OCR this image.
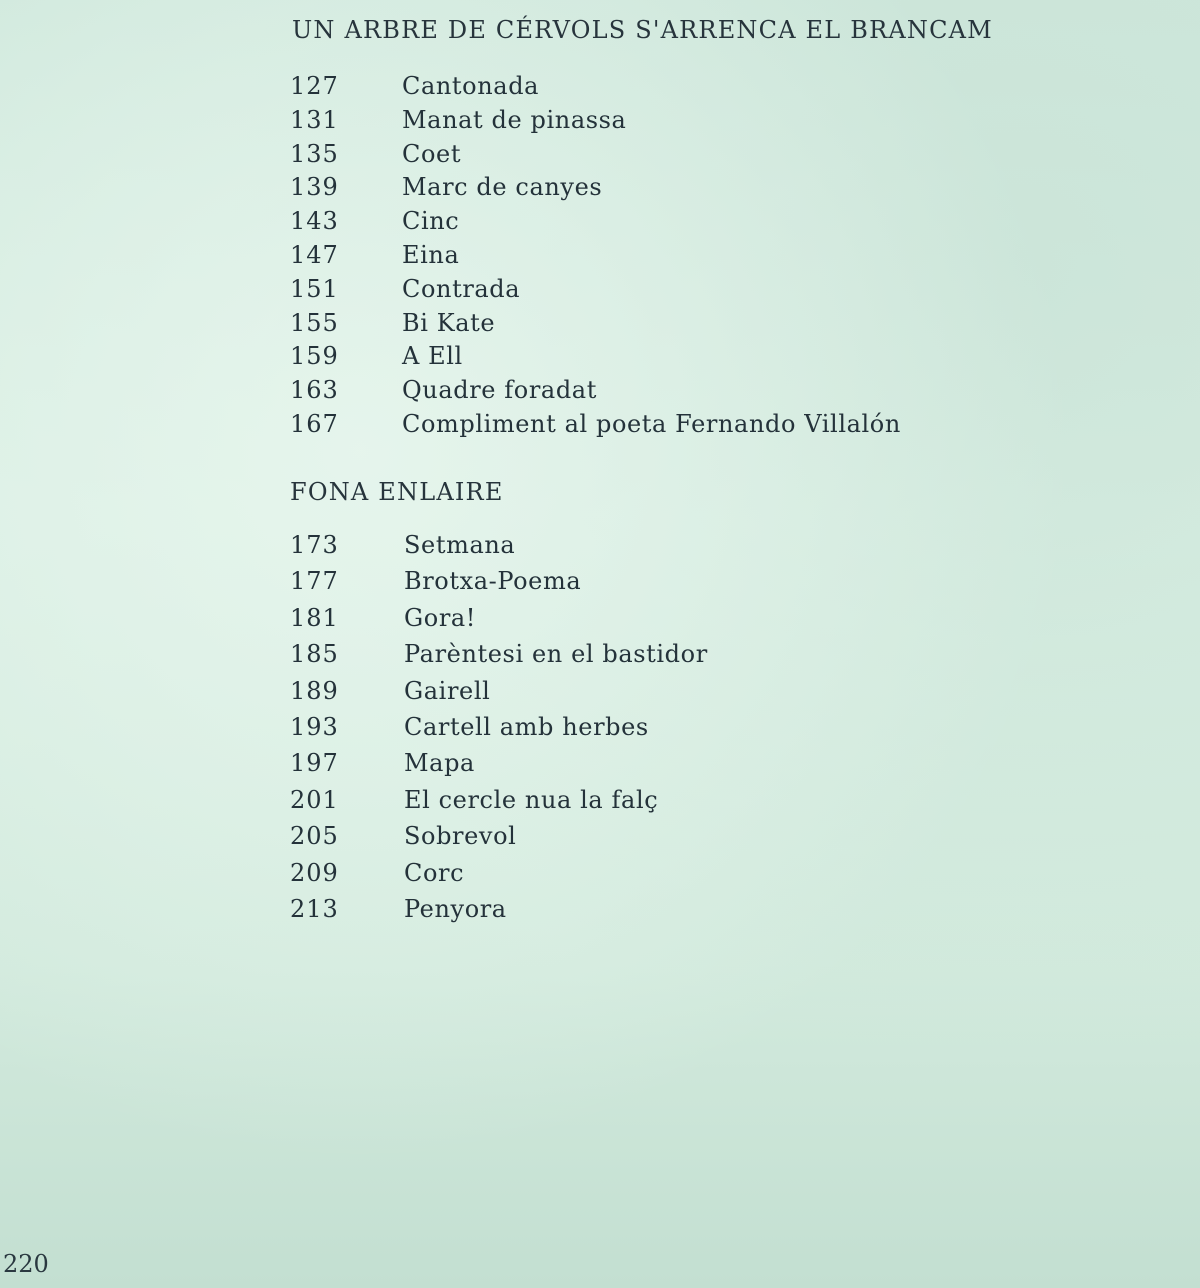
UN ARBRE DE CÉRVOLS S'ARRENCA EL BRANCAM
127	Cantonada
131	Manat de pinassa
135	Coet
139	Marc de canyes
143	Cinc
147	Eina
151	Contrada
155	Bi Kate
159	A Ell
163	Quadre foradat
167	Compliment al poeta Fernando Villalón
FONA ENLAIRE
173	Setmana
177	Brotxa-Poema
181	Gora!
185	Parèntesi en el bastidor
189	Gairell
193	Cartell amb herbes
197	Mapa
201	El cercle nua la falç
205	Sobrevol
209	Corc
213	Penyora
220
